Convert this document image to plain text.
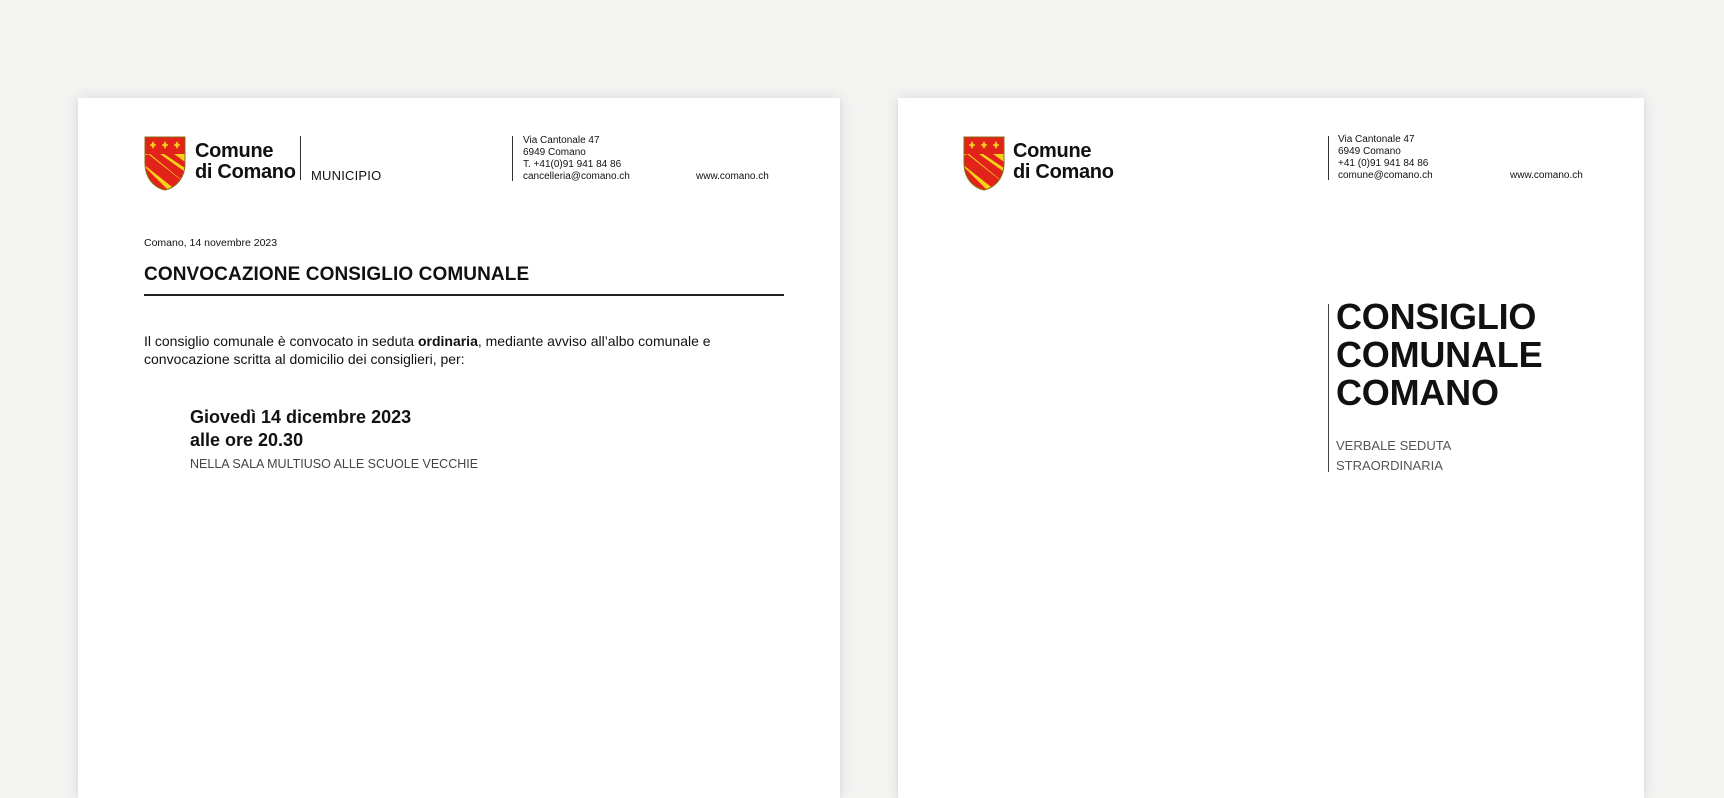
Comune
di Comano MUNICIPIO
Via Cantonale 47
6949 Comano
T. +41(0)91 941 84 86
cancelleria@comano.ch	www.comano.ch
Comano, 14 novembre 2023
CONVOCAZIONE CONSIGLIO COMUNALE
Il consiglio comunale è convocato in seduta ordinaria, mediante avviso all’albo comunale e convocazione scritta al domicilio dei consiglieri, per:
Giovedì 14 dicembre 2023
alle ore 20.30
NELLA SALA MULTIUSO ALLE SCUOLE VECCHIE
Comune
di Comano
Via Cantonale 47
6949 Comano
+41 (0)91 941 84 86
comune@comano.ch	www.comano.ch
CONSIGLIO
COMUNALE
COMANO
VERBALE SEDUTA
STRAORDINARIA
